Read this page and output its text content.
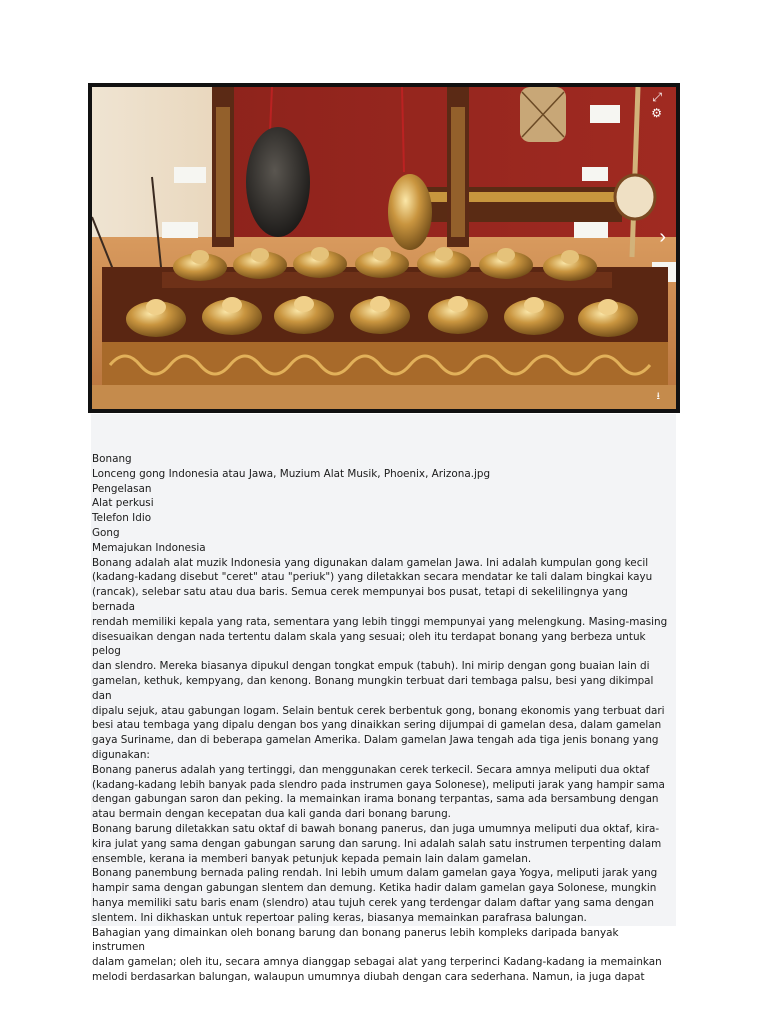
⤢
⚙
›
⭳
Bonang
Lonceng gong Indonesia atau Jawa, Muzium Alat Musik, Phoenix, Arizona.jpg
Pengelasan
Alat perkusi
Telefon Idio
Gong
Memajukan Indonesia
Bonang adalah alat muzik Indonesia yang digunakan dalam gamelan Jawa. Ini adalah kumpulan gong kecil
(kadang-kadang disebut "ceret" atau "periuk") yang diletakkan secara mendatar ke tali dalam bingkai kayu
(rancak), selebar satu atau dua baris. Semua cerek mempunyai bos pusat, tetapi di sekelilingnya yang bernada
rendah memiliki kepala yang rata, sementara yang lebih tinggi mempunyai yang melengkung. Masing-masing
disesuaikan dengan nada tertentu dalam skala yang sesuai; oleh itu terdapat bonang yang berbeza untuk pelog
dan slendro. Mereka biasanya dipukul dengan tongkat empuk (tabuh). Ini mirip dengan gong buaian lain di
gamelan, kethuk, kempyang, dan kenong. Bonang mungkin terbuat dari tembaga palsu, besi yang dikimpal dan
dipalu sejuk, atau gabungan logam. Selain bentuk cerek berbentuk gong, bonang ekonomis yang terbuat dari
besi atau tembaga yang dipalu dengan bos yang dinaikkan sering dijumpai di gamelan desa, dalam gamelan
gaya Suriname, dan di beberapa gamelan Amerika. Dalam gamelan Jawa tengah ada tiga jenis bonang yang
digunakan:
Bonang panerus adalah yang tertinggi, dan menggunakan cerek terkecil. Secara amnya meliputi dua oktaf
(kadang-kadang lebih banyak pada slendro pada instrumen gaya Solonese), meliputi jarak yang hampir sama
dengan gabungan saron dan peking. Ia memainkan irama bonang terpantas, sama ada bersambung dengan
atau bermain dengan kecepatan dua kali ganda dari bonang barung.
Bonang barung diletakkan satu oktaf di bawah bonang panerus, dan juga umumnya meliputi dua oktaf, kira-
kira julat yang sama dengan gabungan sarung dan sarung. Ini adalah salah satu instrumen terpenting dalam
ensemble, kerana ia memberi banyak petunjuk kepada pemain lain dalam gamelan.
Bonang panembung bernada paling rendah. Ini lebih umum dalam gamelan gaya Yogya, meliputi jarak yang
hampir sama dengan gabungan slentem dan demung. Ketika hadir dalam gamelan gaya Solonese, mungkin
hanya memiliki satu baris enam (slendro) atau tujuh cerek yang terdengar dalam daftar yang sama dengan
slentem. Ini dikhaskan untuk repertoar paling keras, biasanya memainkan parafrasa balungan.
Bahagian yang dimainkan oleh bonang barung dan bonang panerus lebih kompleks daripada banyak instrumen
dalam gamelan; oleh itu, secara amnya dianggap sebagai alat yang terperinci Kadang-kadang ia memainkan
melodi berdasarkan balungan, walaupun umumnya diubah dengan cara sederhana. Namun, ia juga dapat
